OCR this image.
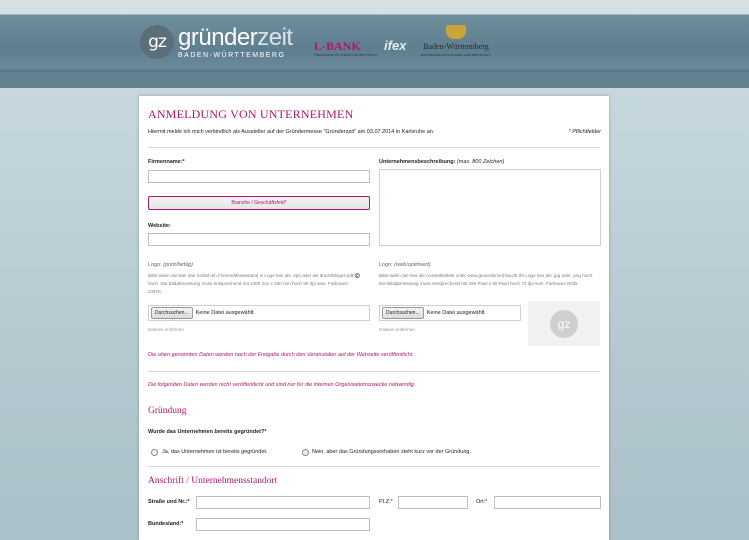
gz gründerzeit
BADEN-WÜRTTEMBERG
L-BANK
Staatsbank für Baden-Württemberg
ifex	Baden-Württemberg
MINISTERIUM FÜR FINANZEN UND WIRTSCHAFT
ANMELDUNG VON UNTERNEHMEN
Hiermit melde ich mich verbindlich als Aussteller auf der Gründermesse "Gründerzeit" am 03.07.2014 in Karlsruhe an.	* Pflichtfelder
Firmenname:*	Unternehmensbeschreibung: (max. 800 Zeichen)
Branche / Geschäftsfeld*
Website:
Logo: (print/farbig)
Bitte laden Sie hier das Schild am Firmen/Messestand in Logo hier als .eps oder als druckfähiges pdf/©️ hoch. Die Bildabmessung muss entsprechend mit 1000 mm x 400 mm hoch 96 dpi sein. Farbraum CMYK.
Durchsuchen...	Keine Datei ausgewählt.
Dateien entfernen
Logo: (web/optimiert)
Bitte laden Sie hier die Ausstellerliste unter www.gruenderzeit-bw.de Ihr Logo hier als .jpg oder .png hoch. Die Bildabmessung muss entsprechend mit 180 Pixel x 80 Pixel hoch 72 dpi sein. Farbraum RGB.
Durchsuchen...	Keine Datei ausgewählt.
Dateien entfernen	gz
Die oben genannten Daten werden nach der Freigabe durch den Veranstalter auf der Webseite veröffentlicht.
Die folgenden Daten werden nicht veröffentlicht und sind nur für die internen Organisationszwecke notwendig.
Gründung
Wurde das Unternehmen bereits gegründet?*
Ja, das Unternehmen ist bereits gegründet.	Nein, aber das Gründungsvorhaben steht kurz vor der Gründung.
Anschrift / Unternehmensstandort
Straße und Nr.:*	PLZ:*	Ort:*
Bundesland:*
